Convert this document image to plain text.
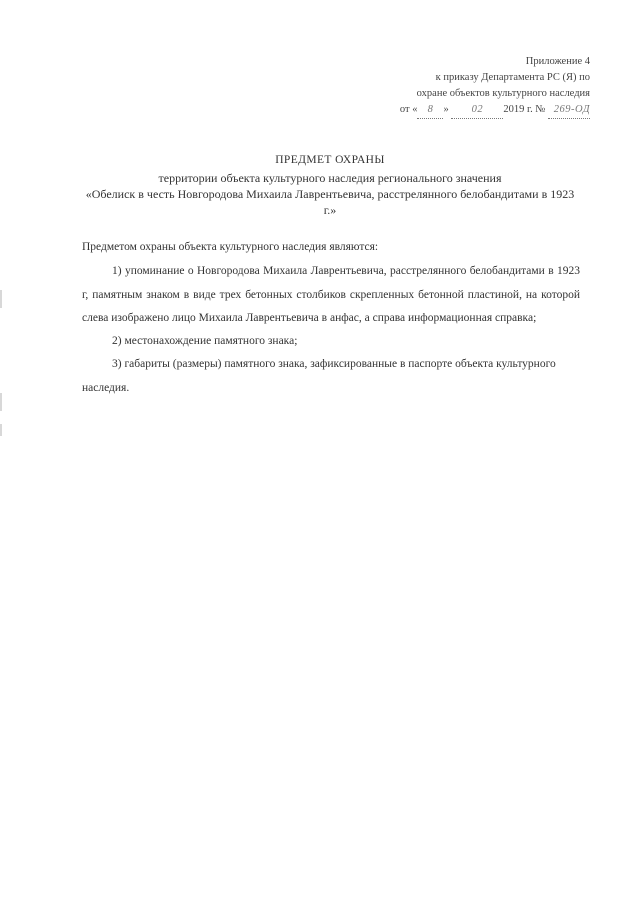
Приложение 4
к приказу Департамента РС (Я) по
охране объектов культурного наследия
от « 8 » 02 2019 г. № 269-ОД
ПРЕДМЕТ ОХРАНЫ
территории объекта культурного наследия регионального значения
«Обелиск в честь Новгородова Михаила Лаврентьевича, расстрелянного белобандитами в 1923 г.»

Предметом охраны объекта культурного наследия являются:

1) упоминание о Новгородова Михаила Лаврентьевича, расстрелянного белобандитами в 1923 г, памятным знаком в виде трех бетонных столбиков скрепленных бетонной пластиной, на которой слева изображено лицо Михаила Лаврентьевича в анфас, а справа информационная справка;

2) местонахождение памятного знака;

3) габариты (размеры) памятного знака, зафиксированные в паспорте объекта культурного наследия.
